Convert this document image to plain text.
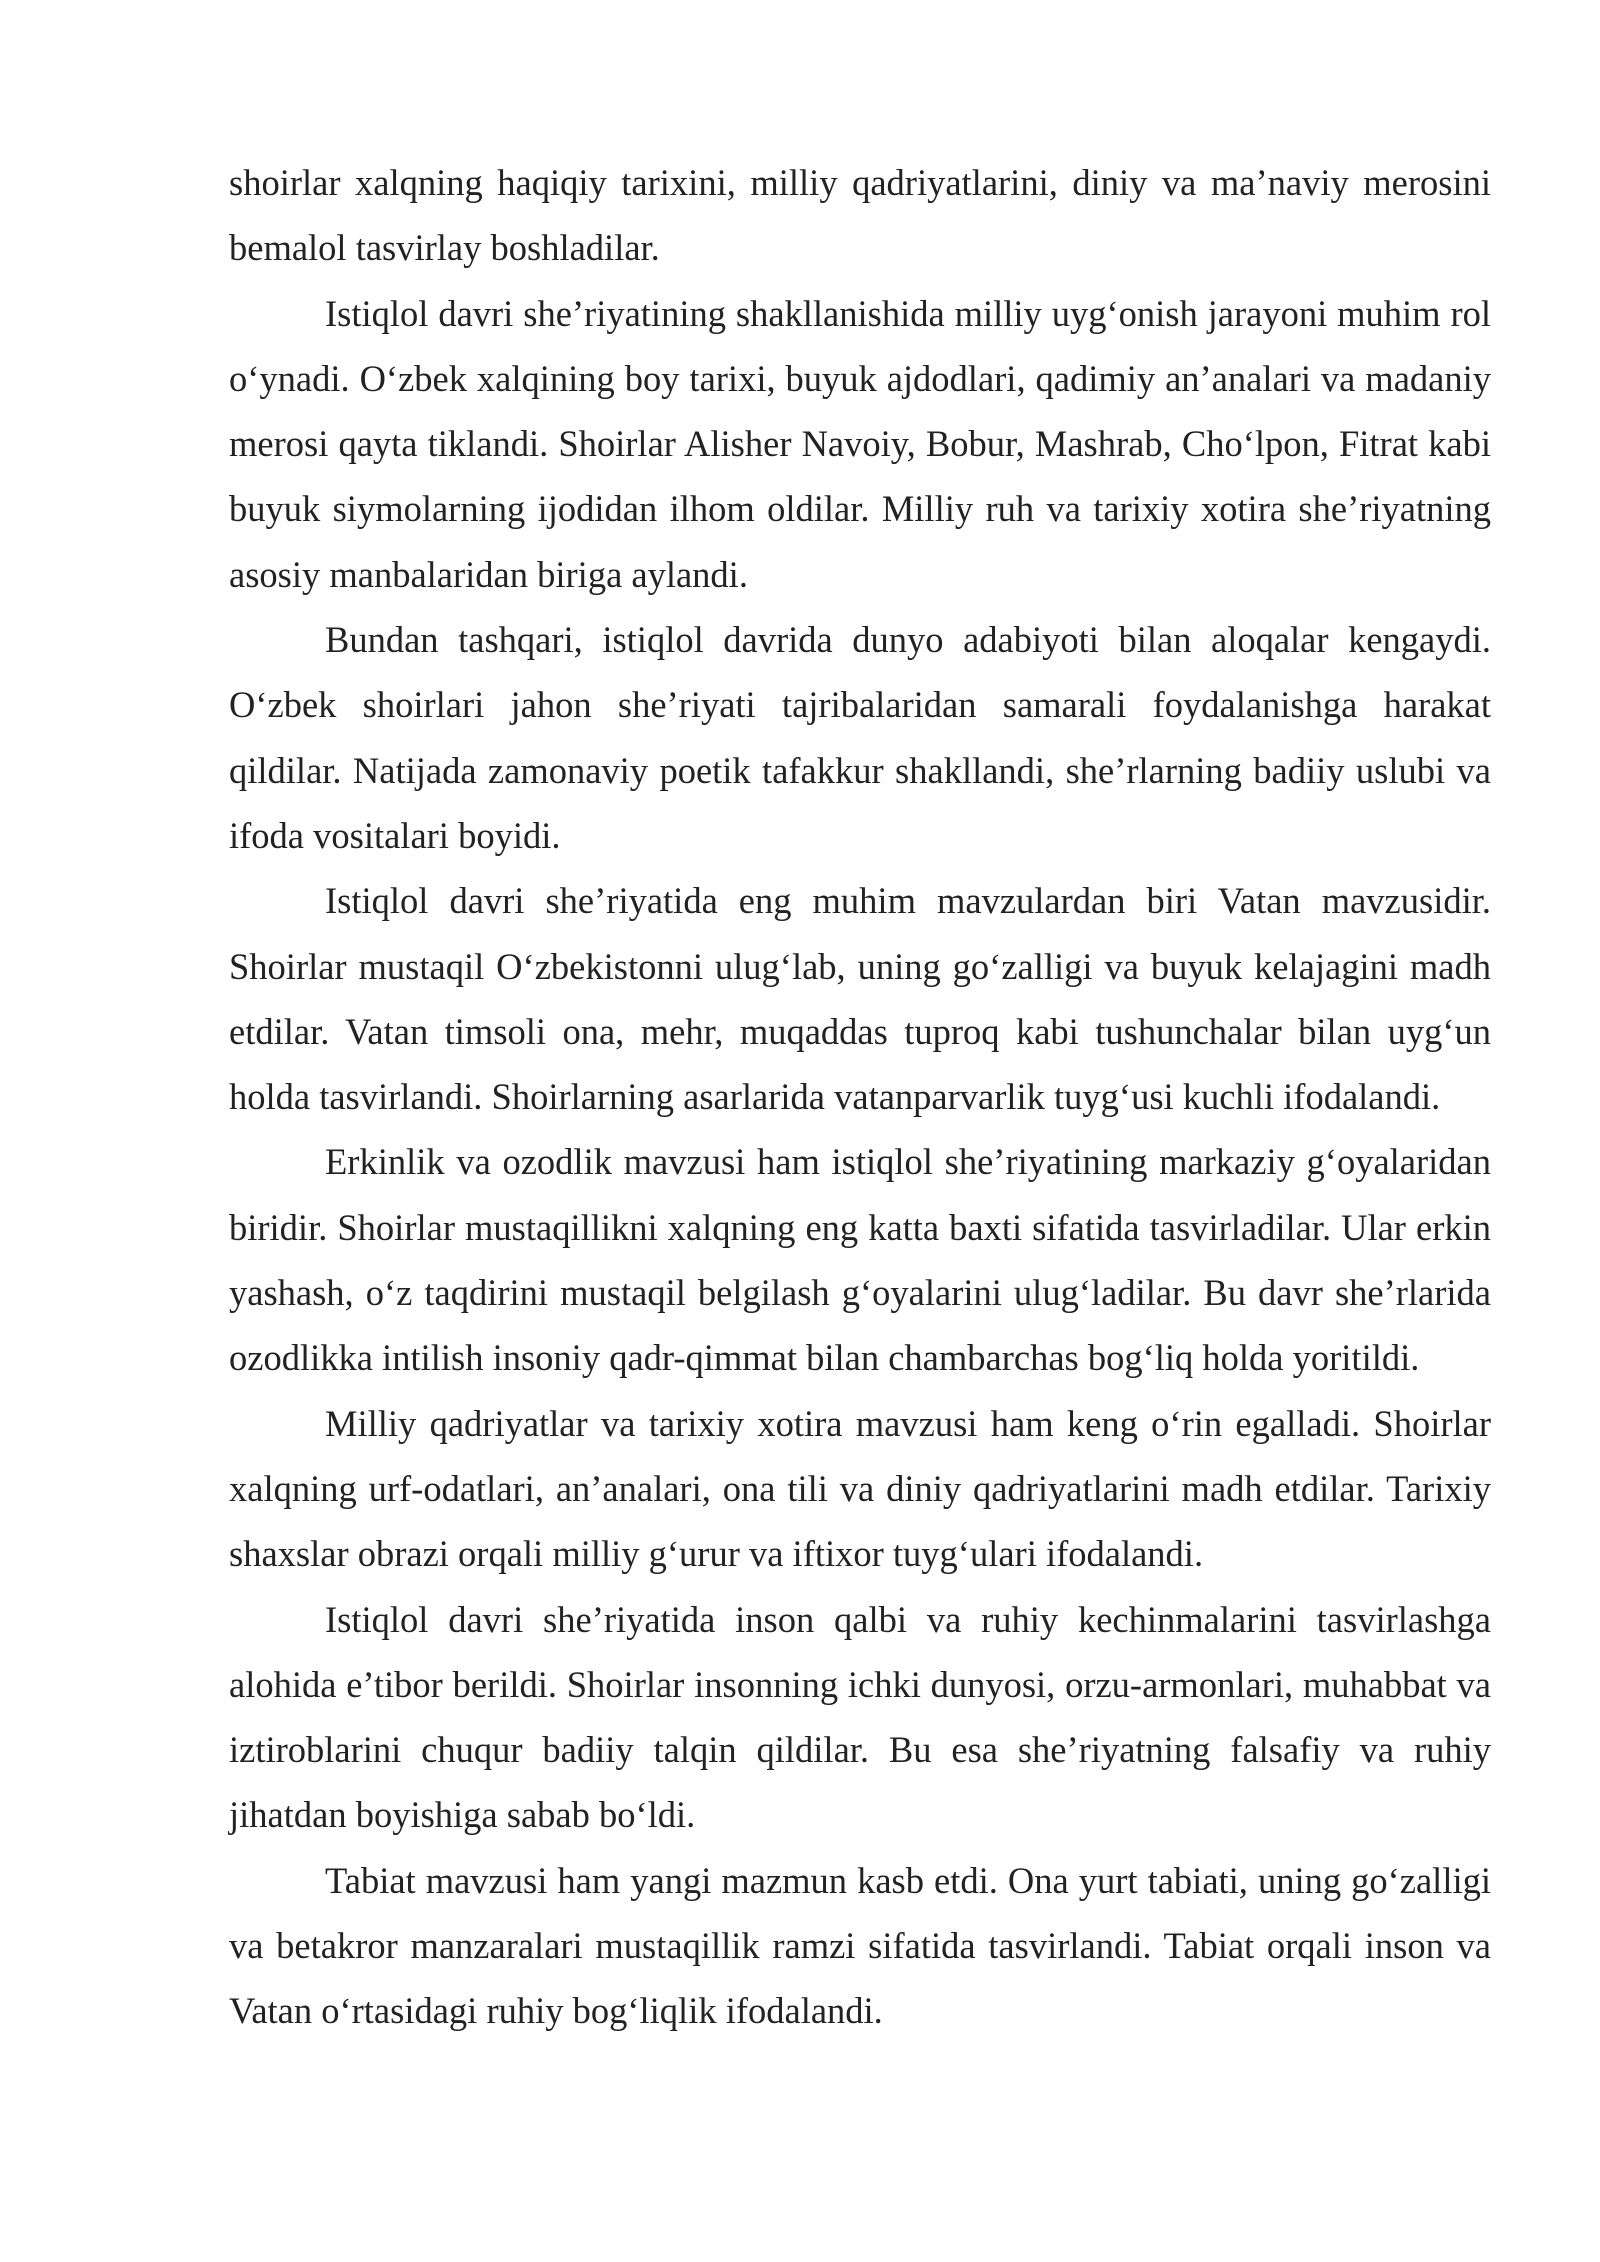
shoirlar xalqning haqiqiy tarixini, milliy qadriyatlarini, diniy va ma’naviy merosini bemalol tasvirlay boshladilar.

Istiqlol davri she’riyatining shakllanishida milliy uyg‘onish jarayoni muhim rol o‘ynadi. O‘zbek xalqining boy tarixi, buyuk ajdodlari, qadimiy an’analari va madaniy merosi qayta tiklandi. Shoirlar Alisher Navoiy, Bobur, Mashrab, Cho‘lpon, Fitrat kabi buyuk siymolarning ijodidan ilhom oldilar. Milliy ruh va tarixiy xotira she’riyatning asosiy manbalaridan biriga aylandi.

Bundan tashqari, istiqlol davrida dunyo adabiyoti bilan aloqalar kengaydi. O‘zbek shoirlari jahon she’riyati tajribalaridan samarali foydalanishga harakat qildilar. Natijada zamonaviy poetik tafakkur shakllandi, she’rlarning badiiy uslubi va ifoda vositalari boyidi.

Istiqlol davri she’riyatida eng muhim mavzulardan biri Vatan mavzusidir. Shoirlar mustaqil O‘zbekistonni ulug‘lab, uning go‘zalligi va buyuk kelajagini madh etdilar. Vatan timsoli ona, mehr, muqaddas tuproq kabi tushunchalar bilan uyg‘un holda tasvirlandi. Shoirlarning asarlarida vatanparvarlik tuyg‘usi kuchli ifodalandi.

Erkinlik va ozodlik mavzusi ham istiqlol she’riyatining markaziy g‘oyalaridan biridir. Shoirlar mustaqillikni xalqning eng katta baxti sifatida tasvirladilar. Ular erkin yashash, o‘z taqdirini mustaqil belgilash g‘oyalarini ulug‘ladilar. Bu davr she’rlarida ozodlikka intilish insoniy qadr-qimmat bilan chambarchas bog‘liq holda yoritildi.

Milliy qadriyatlar va tarixiy xotira mavzusi ham keng o‘rin egalladi. Shoirlar xalqning urf-odatlari, an’analari, ona tili va diniy qadriyatlarini madh etdilar. Tarixiy shaxslar obrazi orqali milliy g‘urur va iftixor tuyg‘ulari ifodalandi.

Istiqlol davri she’riyatida inson qalbi va ruhiy kechinmalarini tasvirlashga alohida e’tibor berildi. Shoirlar insonning ichki dunyosi, orzu-armonlari, muhabbat va iztiroblarini chuqur badiiy talqin qildilar. Bu esa she’riyatning falsafiy va ruhiy jihatdan boyishiga sabab bo‘ldi.

Tabiat mavzusi ham yangi mazmun kasb etdi. Ona yurt tabiati, uning go‘zalligi va betakror manzaralari mustaqillik ramzi sifatida tasvirlandi. Tabiat orqali inson va Vatan o‘rtasidagi ruhiy bog‘liqlik ifodalandi.
